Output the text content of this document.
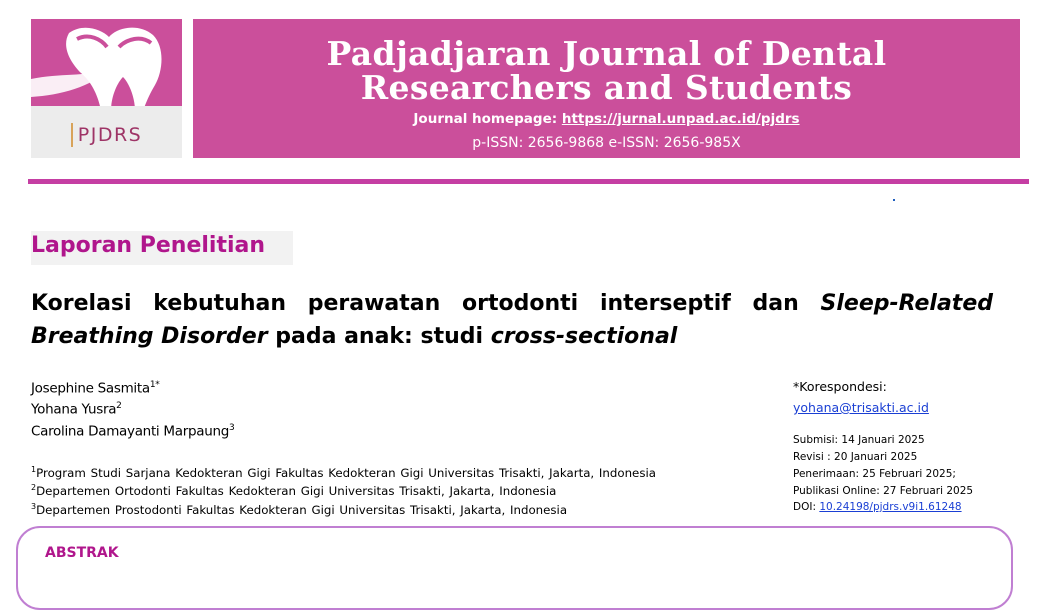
PJDRS
Padjadjaran Journal of Dental
Researchers and Students
Journal homepage: https://jurnal.unpad.ac.id/pjdrs
p-ISSN: 2656-9868 e-ISSN: 2656-985X
Laporan Penelitian
Korelasi kebutuhan perawatan ortodonti interseptif dan Sleep-Related Breathing Disorder pada anak: studi cross-sectional
Josephine Sasmita$^{1*}$
Yohana Yusra$^2$
Carolina Damayanti Marpaung$^3$
$^1$Program Studi Sarjana Kedokteran Gigi Fakultas Kedokteran Gigi Universitas Trisakti, Jakarta, Indonesia
$^2$Departemen Ortodonti Fakultas Kedokteran Gigi Universitas Trisakti, Jakarta, Indonesia
$^3$Departemen Prostodonti Fakultas Kedokteran Gigi Universitas Trisakti, Jakarta, Indonesia
*Korespondesi:
yohana@trisakti.ac.id
Submisi: 14 Januari 2025
Revisi : 20 Januari 2025
Penerimaan: 25 Februari 2025;
Publikasi Online: 27 Februari 2025
DOI: 10.24198/pjdrs.v9i1.61248
ABSTRAK
